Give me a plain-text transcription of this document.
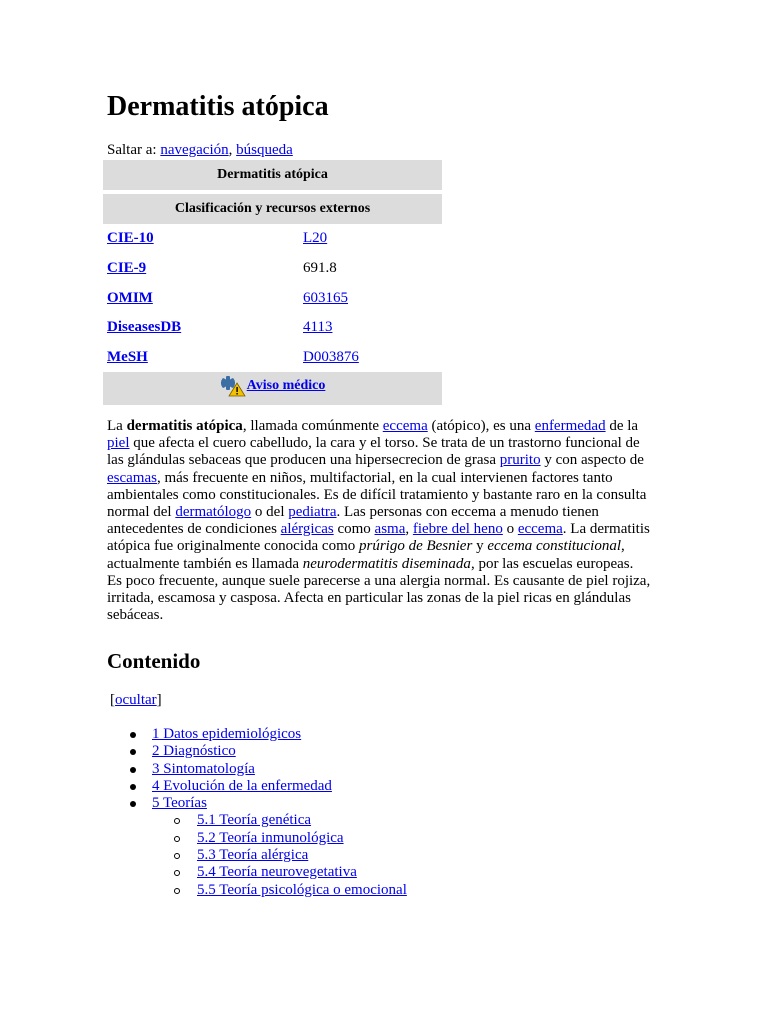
Dermatitis atópica
Saltar a: navegación, búsqueda
Dermatitis atópica	

Clasificación y recursos externos	
CIE-10	L20
CIE-9	691.8
OMIM	603165
DiseasesDB	4113
MeSH	D003876

Aviso médico	

La dermatitis atópica, llamada comúnmente eccema (atópico), es una enfermedad de la piel que afecta el cuero cabelludo, la cara y el torso. Se trata de un trastorno funcional de las glándulas sebaceas que producen una hipersecrecion de grasa prurito y con aspecto de escamas, más frecuente en niños, multifactorial, en la cual intervienen factores tanto ambientales como constitucionales. Es de difícil tratamiento y bastante raro en la consulta normal del dermatólogo o del pediatra. Las personas con eccema a menudo tienen antecedentes de condiciones alérgicas como asma, fiebre del heno o eccema. La dermatitis atópica fue originalmente conocida como prúrigo de Besnier y eccema constitucional, actualmente también es llamada neurodermatitis diseminada, por las escuelas europeas. Es poco frecuente, aunque suele parecerse a una alergia normal. Es causante de piel rojiza, irritada, escamosa y casposa. Afecta en particular las zonas de la piel ricas en glándulas sebáceas.

Contenido
[ocultar]
1 Datos epidemiológicos
2 Diagnóstico
3 Sintomatología
4 Evolución de la enfermedad
5 Teorías
5.1 Teoría genética
5.2 Teoría inmunológica
5.3 Teoría alérgica
5.4 Teoría neurovegetativa
5.5 Teoría psicológica o emocional
